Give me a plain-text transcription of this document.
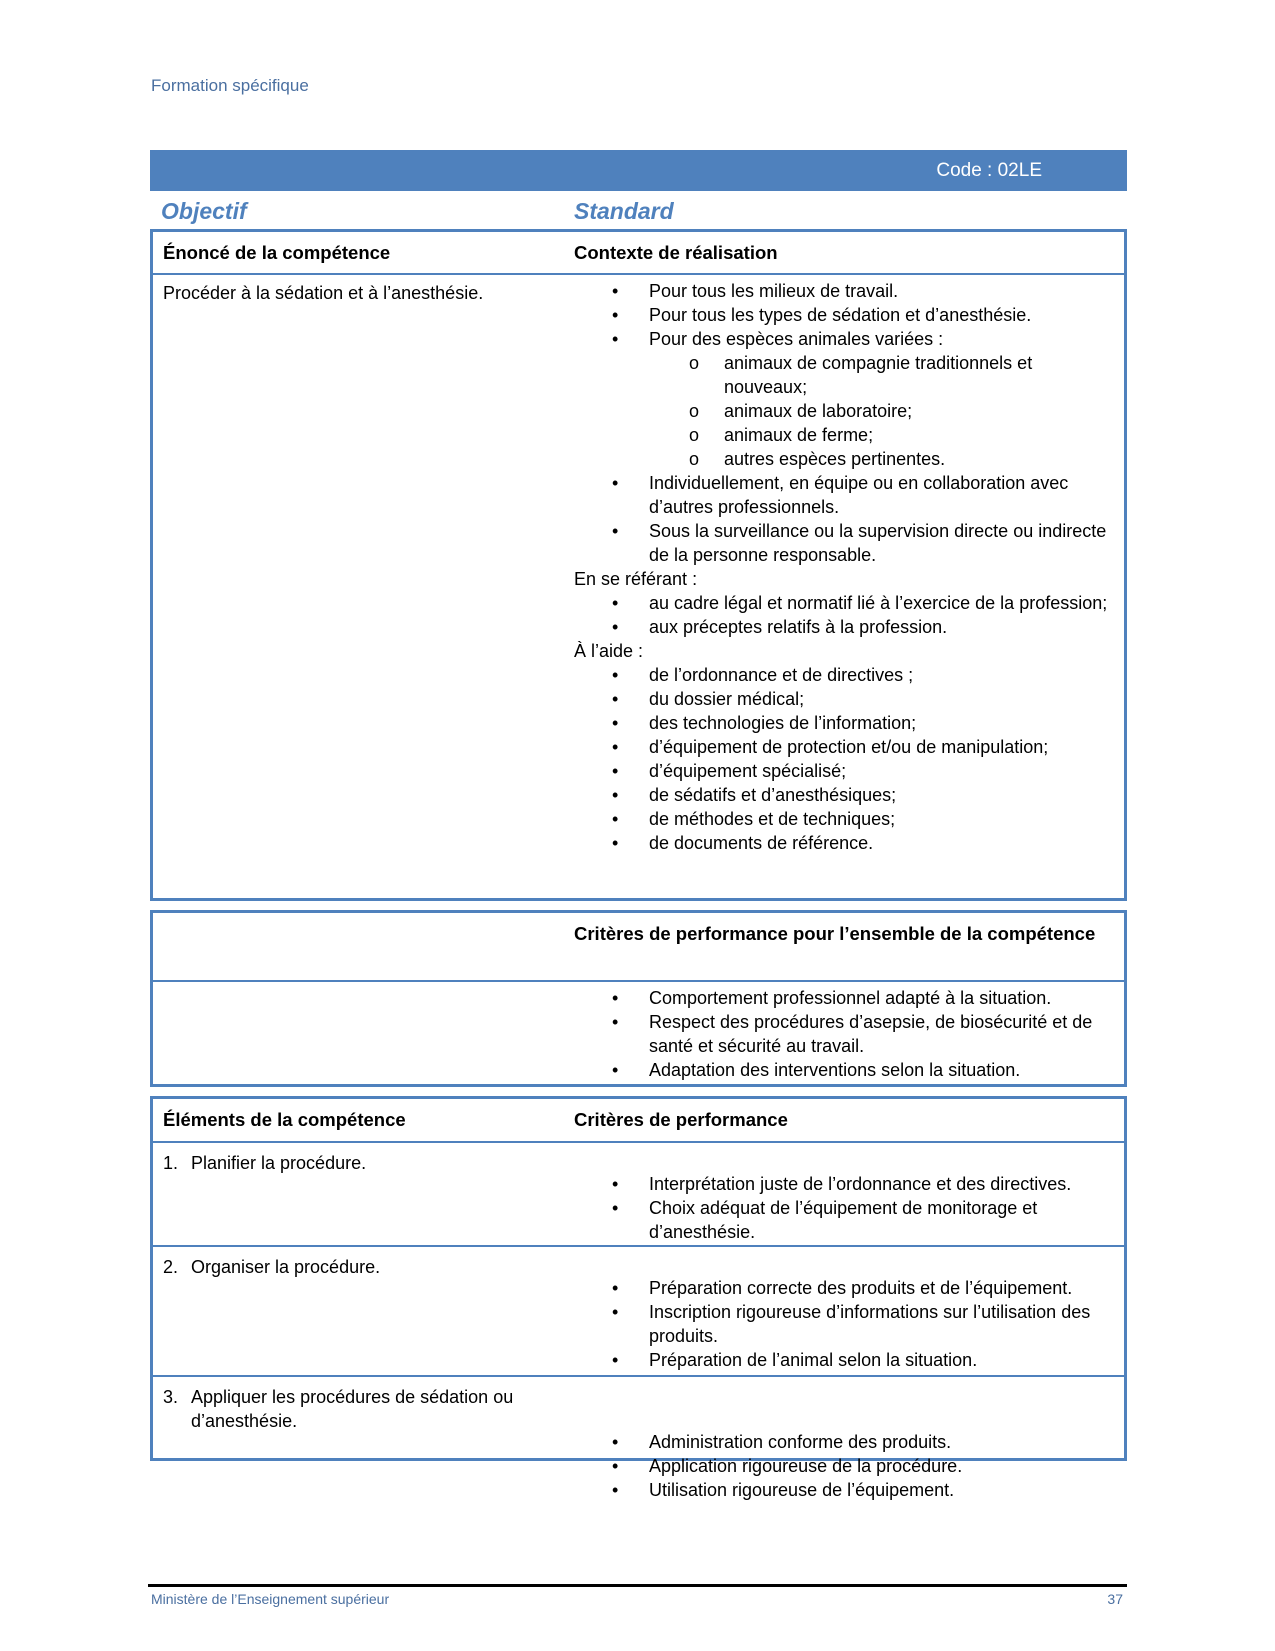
Formation spécifique
Code : 02LE
Objectif	Standard
Énoncé de la compétence	Contexte de réalisation
Procéder à la sédation et à l’anesthésie.
•	Pour tous les milieux de travail.
• Pour tous les types de sédation et d’anesthésie.
• Pour des espèces animales variées :
o animaux de compagnie traditionnels et nouveaux;
o animaux de laboratoire;
o animaux de ferme;
o autres espèces pertinentes.
• Individuellement, en équipe ou en collaboration avec d’autres professionnels.
• Sous la surveillance ou la supervision directe ou indirecte de la personne responsable.
En se référant :
• au cadre légal et normatif lié à l’exercice de la profession;
• aux préceptes relatifs à la profession.
À l’aide :
• de l’ordonnance et de directives ;
• du dossier médical;
• des technologies de l’information;
• d’équipement de protection et/ou de manipulation;
• d’équipement spécialisé;
• de sédatifs et d’anesthésiques;
• de méthodes et de techniques;
• de documents de référence.
Critères de performance pour l’ensemble de la compétence
• Comportement professionnel adapté à la situation.
• Respect des procédures d’asepsie, de biosécurité et de santé et sécurité au travail.
• Adaptation des interventions selon la situation.
Éléments de la compétence	Critères de performance
1. Planifier la procédure.
• Interprétation juste de l’ordonnance et des directives.
• Choix adéquat de l’équipement de monitorage et d’anesthésie.
2. Organiser la procédure.
• Préparation correcte des produits et de l’équipement.
• Inscription rigoureuse d’informations sur l’utilisation des produits.
• Préparation de l’animal selon la situation.
3. Appliquer les procédures de sédation ou d’anesthésie.
• Administration conforme des produits.
• Application rigoureuse de la procédure.
• Utilisation rigoureuse de l’équipement.
Ministère de l’Enseignement supérieur	37
